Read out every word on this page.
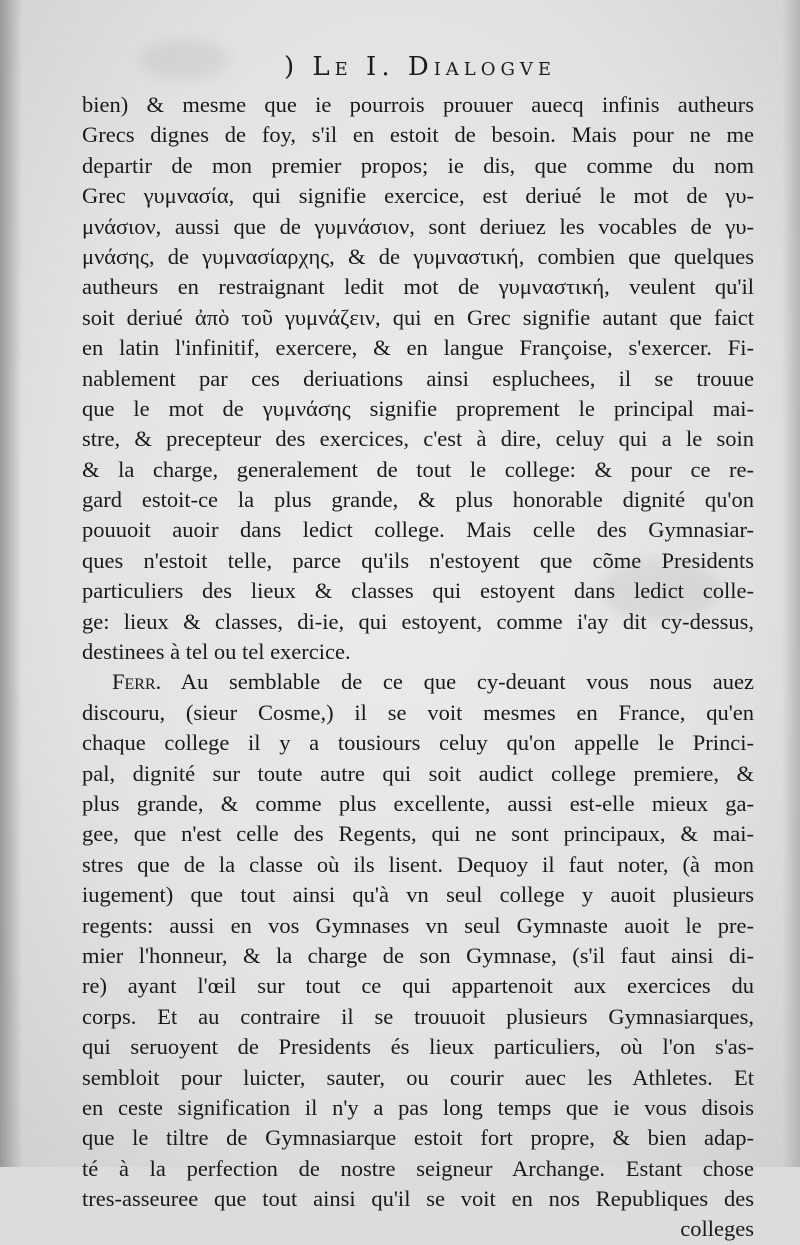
) Le I. Dialogve
bien) & mesme que ie pourrois prouuer auecq infinis autheurs
Grecs dignes de foy, s'il en estoit de besoin. Mais pour ne me
departir de mon premier propos; ie dis, que comme du nom
Grec γυμνασία, qui signifie exercice, est deriué le mot de γυ-
μνάσιον, aussi que de γυμνάσιον, sont deriuez les vocables de γυ-
μνάσης, de γυμνασίαρχης, & de γυμναστική, combien que quelques
autheurs en restraignant ledit mot de γυμναστική, veulent qu'il
soit deriué ἀπὸ τοῦ γυμνάζειν, qui en Grec signifie autant que faict
en latin l'infinitif, exercere, & en langue Françoise, s'exercer. Fi-
nablement par ces deriuations ainsi espluchees, il se trouue
que le mot de γυμνάσης signifie proprement le principal mai-
stre, & precepteur des exercices, c'est à dire, celuy qui a le soin
& la charge, generalement de tout le college: & pour ce re-
gard estoit-ce la plus grande, & plus honorable dignité qu'on
pouuoit auoir dans ledict college. Mais celle des Gymnasiar-
ques n'estoit telle, parce qu'ils n'estoyent que cõme Presidents
particuliers des lieux & classes qui estoyent dans ledict colle-
ge: lieux & classes, di-ie, qui estoyent, comme i'ay dit cy-dessus,
destinees à tel ou tel exercice.
Ferr. Au semblable de ce que cy-deuant vous nous auez
discouru, (sieur Cosme,) il se voit mesmes en France, qu'en
chaque college il y a tousiours celuy qu'on appelle le Princi-
pal, dignité sur toute autre qui soit audict college premiere, &
plus grande, & comme plus excellente, aussi est-elle mieux ga-
gee, que n'est celle des Regents, qui ne sont principaux, & mai-
stres que de la classe où ils lisent. Dequoy il faut noter, (à mon
iugement) que tout ainsi qu'à vn seul college y auoit plusieurs
regents: aussi en vos Gymnases vn seul Gymnaste auoit le pre-
mier l'honneur, & la charge de son Gymnase, (s'il faut ainsi di-
re) ayant l'œil sur tout ce qui appartenoit aux exercices du
corps. Et au contraire il se trouuoit plusieurs Gymnasiarques,
qui seruoyent de Presidents és lieux particuliers, où l'on s'as-
sembloit pour luicter, sauter, ou courir auec les Athletes. Et
en ceste signification il n'y a pas long temps que ie vous disois
que le tiltre de Gymnasiarque estoit fort propre, & bien adap-
té à la perfection de nostre seigneur Archange. Estant chose
tres-asseuree que tout ainsi qu'il se voit en nos Republiques des
colleges
